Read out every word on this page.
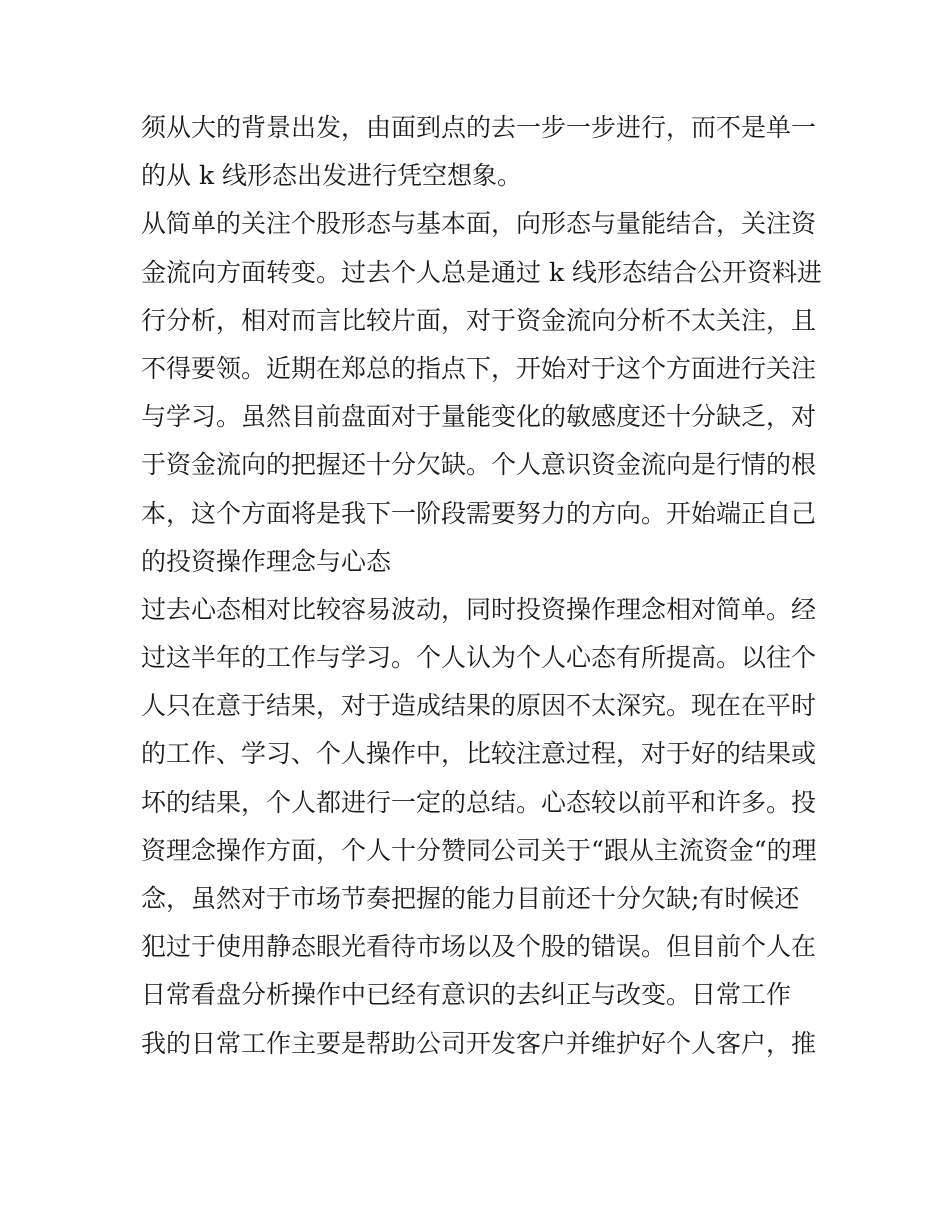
须从大的背景出发，由面到点的去一步一步进行，而不是单一
的从 k 线形态出发进行凭空想象。
从简单的关注个股形态与基本面，向形态与量能结合，关注资
金流向方面转变。过去个人总是通过 k 线形态结合公开资料进
行分析，相对而言比较片面，对于资金流向分析不太关注，且
不得要领。近期在郑总的指点下，开始对于这个方面进行关注
与学习。虽然目前盘面对于量能变化的敏感度还十分缺乏，对
于资金流向的把握还十分欠缺。个人意识资金流向是行情的根
本，这个方面将是我下一阶段需要努力的方向。开始端正自己
的投资操作理念与心态
过去心态相对比较容易波动，同时投资操作理念相对简单。经
过这半年的工作与学习。个人认为个人心态有所提高。以往个
人只在意于结果，对于造成结果的原因不太深究。现在在平时
的工作、学习、个人操作中，比较注意过程，对于好的结果或
坏的结果，个人都进行一定的总结。心态较以前平和许多。投
资理念操作方面，个人十分赞同公司关于“跟从主流资金“的理
念，虽然对于市场节奏把握的能力目前还十分欠缺;有时候还
犯过于使用静态眼光看待市场以及个股的错误。但目前个人在
日常看盘分析操作中已经有意识的去纠正与改变。日常工作
我的日常工作主要是帮助公司开发客户并维护好个人客户，推
